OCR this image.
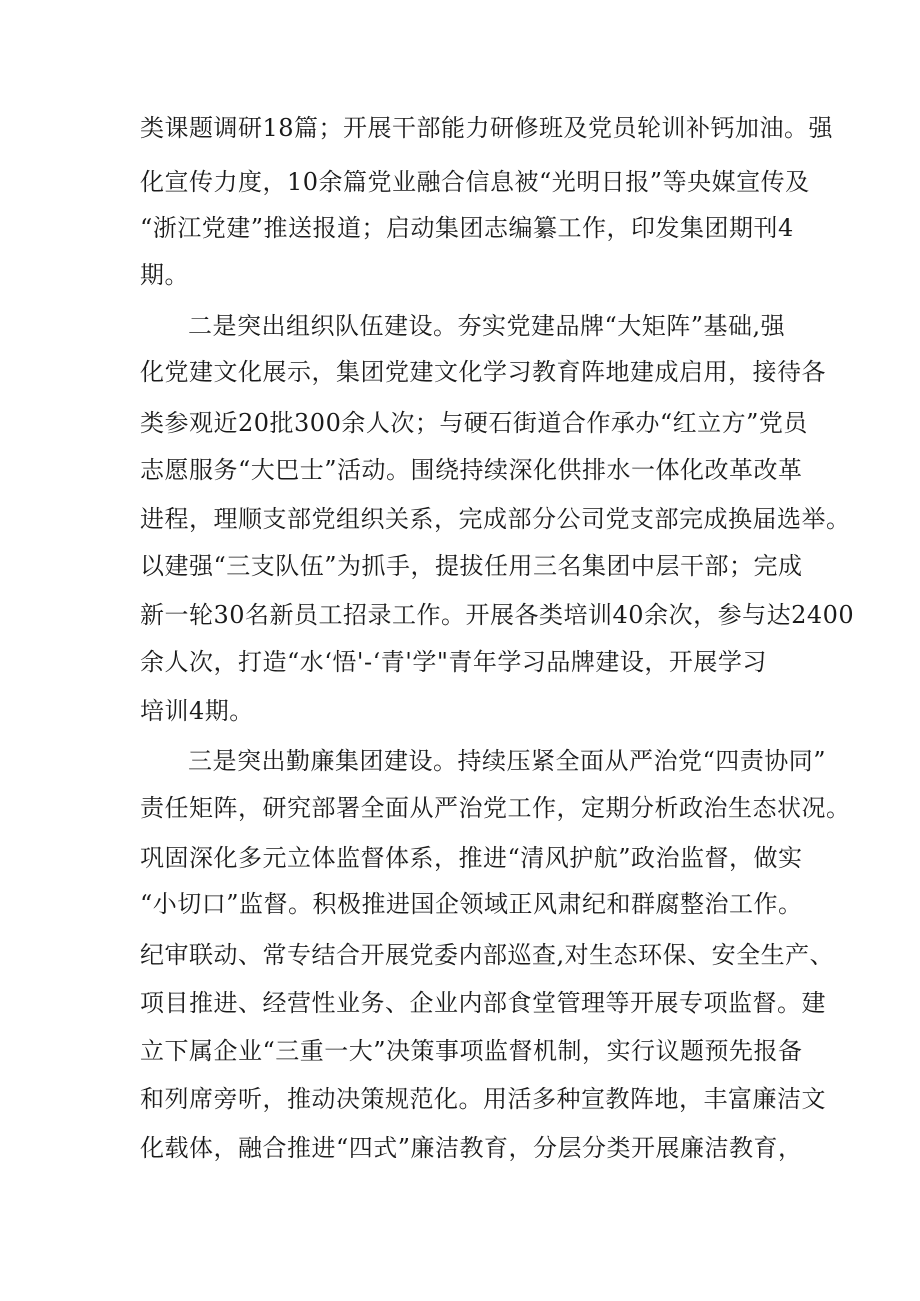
类课题调研18篇；开展干部能力研修班及党员轮训补钙加油。强

化宣传力度，10余篇党业融合信息被“光明日报”等央媒宣传及

“浙江党建”推送报道；启动集团志编纂工作，印发集团期刊4

期。

二是突出组织队伍建设。夯实党建品牌“大矩阵”基础,强

化党建文化展示，集团党建文化学习教育阵地建成启用，接待各

类参观近20批300余人次；与硬石街道合作承办“红立方”党员

志愿服务“大巴士”活动。围绕持续深化供排水一体化改革改革

进程，理顺支部党组织关系，完成部分公司党支部完成换届选举。

以建强“三支队伍”为抓手，提拔任用三名集团中层干部；完成

新一轮30名新员工招录工作。开展各类培训40余次，参与达2400

余人次，打造“水‘悟'-‘青'学"青年学习品牌建设，开展学习

培训4期。

三是突出勤廉集团建设。持续压紧全面从严治党“四责协同”

责任矩阵，研究部署全面从严治党工作，定期分析政治生态状况。

巩固深化多元立体监督体系，推进“清风护航”政治监督，做实

“小切口”监督。积极推进国企领域正风肃纪和群腐整治工作。

纪审联动、常专结合开展党委内部巡查,对生态环保、安全生产、

项目推进、经营性业务、企业内部食堂管理等开展专项监督。建

立下属企业“三重一大”决策事项监督机制，实行议题预先报备

和列席旁听，推动决策规范化。用活多种宣教阵地，丰富廉洁文

化载体，融合推进“四式”廉洁教育，分层分类开展廉洁教育，
